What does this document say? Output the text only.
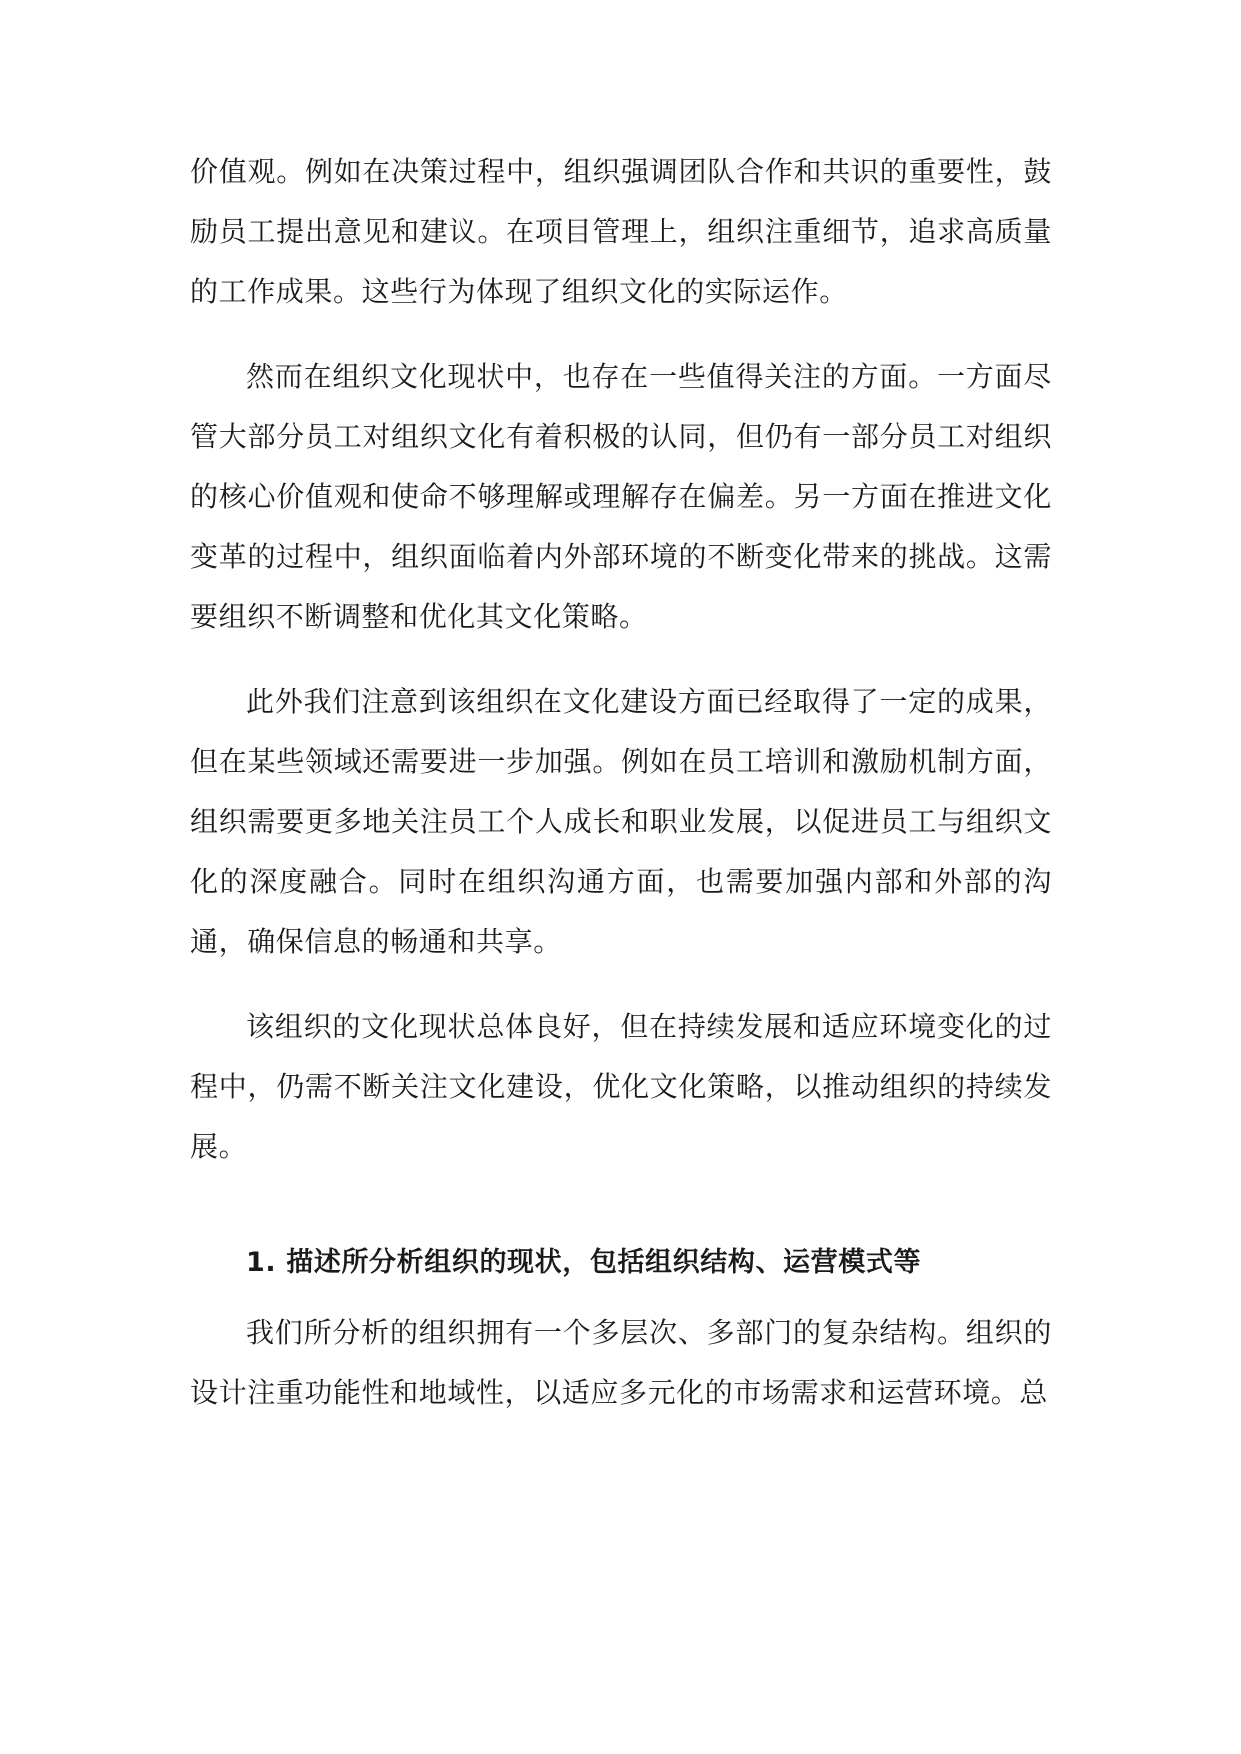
价值观。例如在决策过程中，组织强调团队合作和共识的重要性，鼓励员工提出意见和建议。在项目管理上，组织注重细节，追求高质量的工作成果。这些行为体现了组织文化的实际运作。

然而在组织文化现状中，也存在一些值得关注的方面。一方面尽管大部分员工对组织文化有着积极的认同，但仍有一部分员工对组织的核心价值观和使命不够理解或理解存在偏差。另一方面在推进文化变革的过程中，组织面临着内外部环境的不断变化带来的挑战。这需要组织不断调整和优化其文化策略。

此外我们注意到该组织在文化建设方面已经取得了一定的成果，但在某些领域还需要进一步加强。例如在员工培训和激励机制方面，组织需要更多地关注员工个人成长和职业发展，以促进员工与组织文化的深度融合。同时在组织沟通方面，也需要加强内部和外部的沟通，确保信息的畅通和共享。

该组织的文化现状总体良好，但在持续发展和适应环境变化的过程中，仍需不断关注文化建设，优化文化策略，以推动组织的持续发展。

1. 描述所分析组织的现状，包括组织结构、运营模式等

我们所分析的组织拥有一个多层次、多部门的复杂结构。组织的设计注重功能性和地域性，以适应多元化的市场需求和运营环境。总
